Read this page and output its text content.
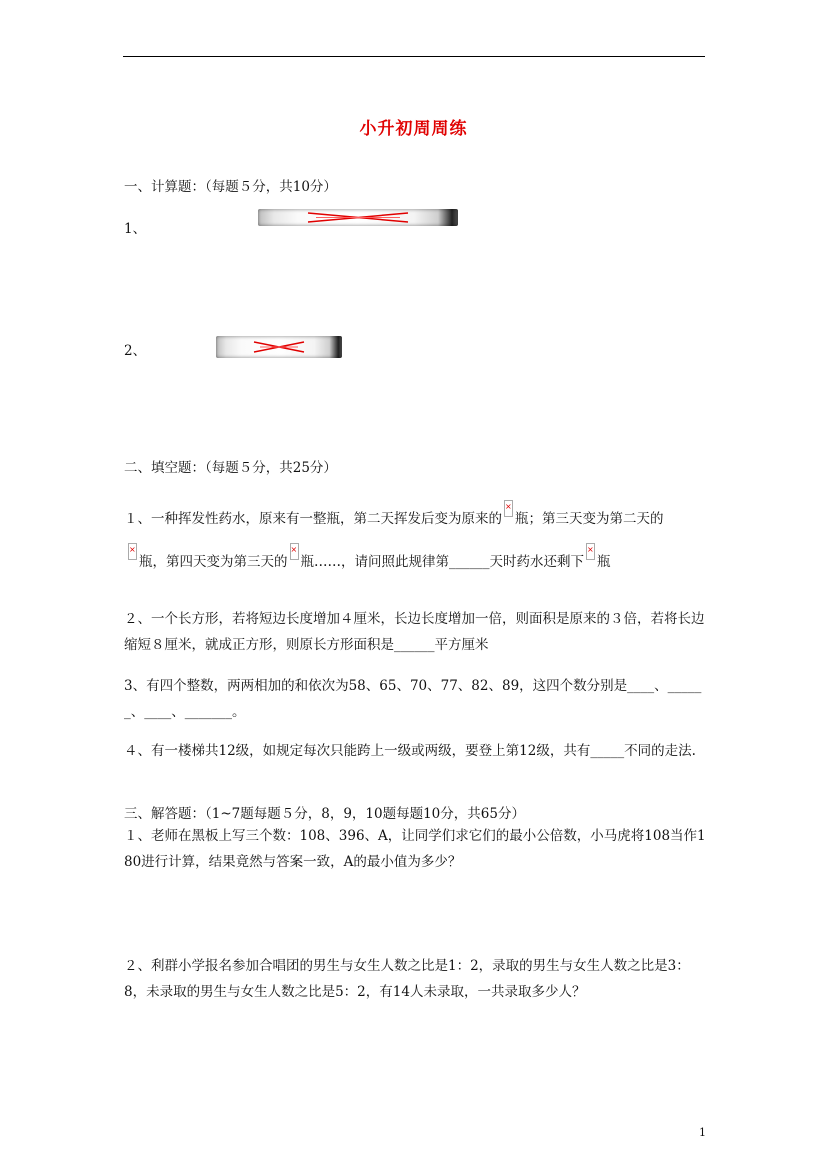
小升初周周练
一、计算题：（每题５分，共10分）
1、
2、
二、填空题：（每题５分，共25分）
１、一种挥发性药水，原来有一整瓶，第二天挥发后变为原来的× 瓶；第三天变为第二天的
×瓶，第四天变为第三天的× 瓶……，请问照此规律第______天时药水还剩下× 瓶
２、一个长方形，若将短边长度增加４厘米，长边长度增加一倍，则面积是原来的３倍，若将长边缩短８厘米，就成正方形，则原长方形面积是______平方厘米
3、有四个整数，两两相加的和依次为58、65、70、77、82、89，这四个数分别是____、______、____、_______。
４、有一楼梯共12级，如规定每次只能跨上一级或两级，要登上第12级，共有_____不同的走法.
三、解答题：（1~7题每题５分，8，9，10题每题10分，共65分）
１、老师在黑板上写三个数：108、396、A，让同学们求它们的最小公倍数，小马虎将108当作180进行计算，结果竟然与答案一致，A的最小值为多少？
２、利群小学报名参加合唱团的男生与女生人数之比是1：2，录取的男生与女生人数之比是3：8，未录取的男生与女生人数之比是5：2，有14人未录取，一共录取多少人？
1
